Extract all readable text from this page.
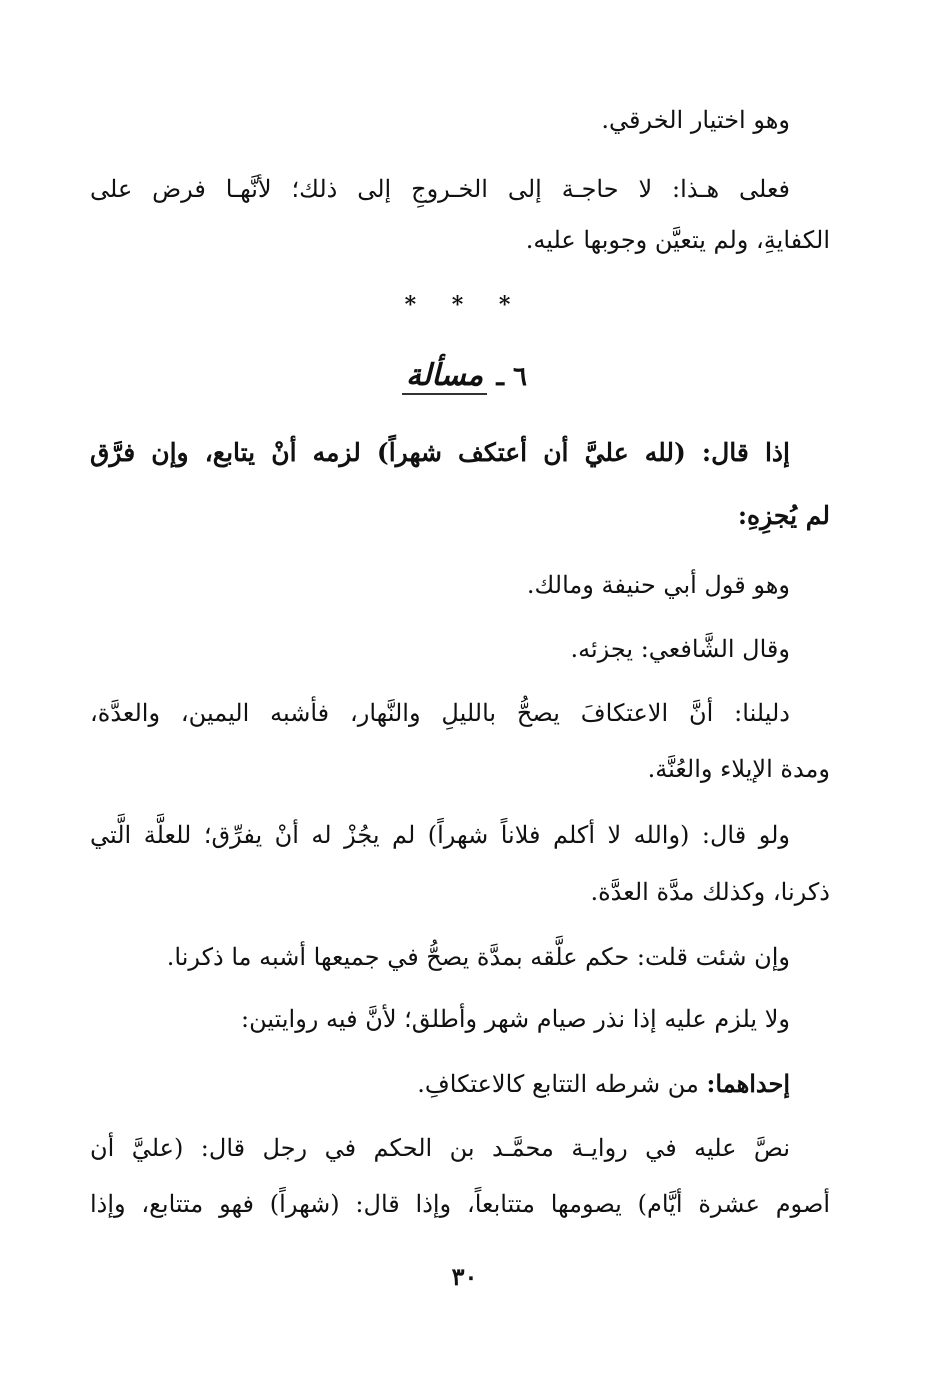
وهو اختيار الخرقي.
فعلى هـذا: لا حاجـة إلى الخـروجِ إلى ذلك؛ لأنَّهـا فرض على
الكفايةِ، ولم يتعيَّن وجوبها عليه.
* * *
٦ ـ مسألة
إذا قال: (لله عليَّ أن أعتكف شهراً) لزمه أنْ يتابع، وإن فرَّق
لم يُجزِهِ:
وهو قول أبي حنيفة ومالك.
وقال الشَّافعي: يجزئه.
دليلنا: أنَّ الاعتكافَ يصحُّ بالليلِ والنَّهار، فأشبه اليمين، والعدَّة،
ومدة الإيلاء والعُنَّة.
ولو قال: (والله لا أكلم فلاناً شهراً) لم يجُزْ له أنْ يفرِّق؛ للعلَّة الَّتي
ذكرنا، وكذلك مدَّة العدَّة.
وإن شئت قلت: حكم علَّقه بمدَّة يصحُّ في جميعها أشبه ما ذكرنا.
ولا يلزم عليه إذا نذر صيام شهر وأطلق؛ لأنَّ فيه روايتين:
إحداهما: من شرطه التتابع كالاعتكافِ.
نصَّ عليه في روايـة محمَّـد بن الحكم في رجل قال: (عليَّ أن
أصوم عشرة أيَّام) يصومها متتابعاً، وإذا قال: (شهراً) فهو متتابع، وإذا
٣٠
